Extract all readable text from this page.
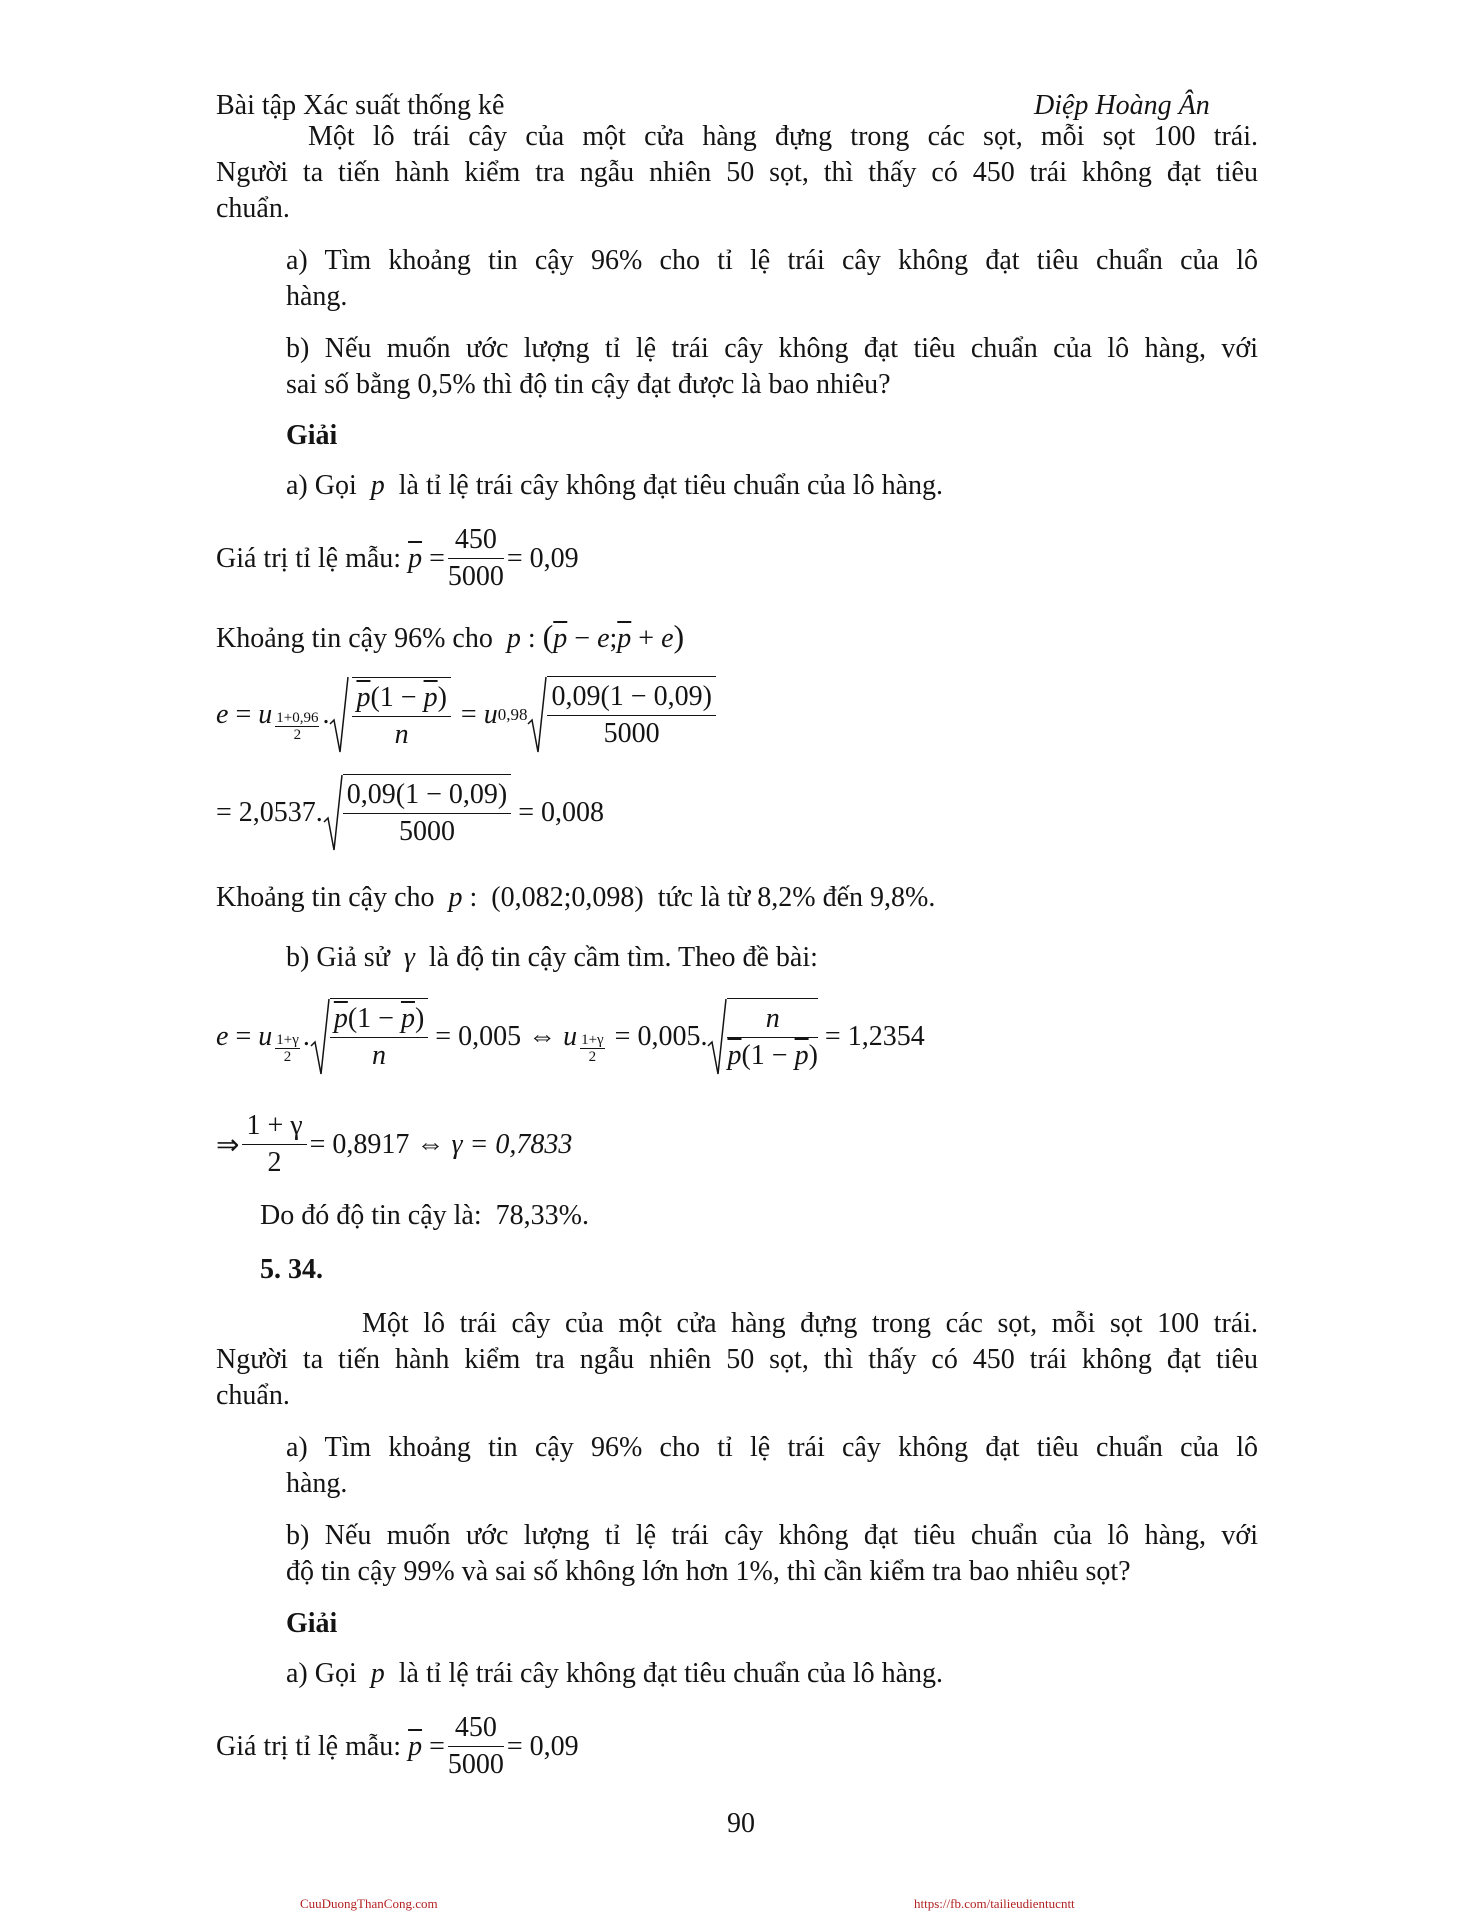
Bài tập Xác suất thống kê	Diệp Hoàng Ân
Một lô trái cây của một cửa hàng đựng trong các sọt, mỗi sọt 100 trái.
Người ta tiến hành kiểm tra ngẫu nhiên 50 sọt, thì thấy có 450 trái không đạt tiêu
chuẩn.
a) Tìm khoảng tin cậy 96% cho tỉ lệ trái cây không đạt tiêu chuẩn của lô
hàng.
b) Nếu muốn ước lượng tỉ lệ trái cây không đạt tiêu chuẩn của lô hàng, với
sai số bằng 0,5% thì độ tin cậy đạt được là bao nhiêu?
Giải
a) Gọi p là tỉ lệ trái cây không đạt tiêu chuẩn của lô hàng.
Giá trị tỉ lệ mẫu:
$\overline{p} = \frac{450}{5000} = 0,09$
Khoảng tin cậy 96% cho p : ($\overline{p}$ − $e;\overline{p} + e$)
e = u $\frac{1+0,96}{2}$ . $\frac{\overline{p}(1 - \overline{p})}{n} = u$ $0,98 \frac{0,09(1 - 0,09)}{5000}$
= 2,0537. $\frac{0,09(1 - 0,09)}{5000}$
= 0,008
Khoảng tin cậy cho p :  (0,082;0,098) tức là từ 8,2% đến 9,8%.
b) Giả sử γ là độ tin cậy cầm tìm. Theo đề bài:
e = u $\frac{1+\gamma}{2}$ . $\frac{\overline{p}(1 - \overline{p})}{n}$
= 0,005 ⇔
u $\frac{1+\gamma}{2}$
= 0,005. $\frac{n}{\overline{p}(1 - \overline{p})}$
= 1,2354
⇒ $\frac{1 + \gamma}{2} = 0,8917$ ⇔
γ = 0,7833
Do đó độ tin cậy là: 78,33%.
5. 34.
Một lô trái cây của một cửa hàng đựng trong các sọt, mỗi sọt 100 trái.
Người ta tiến hành kiểm tra ngẫu nhiên 50 sọt, thì thấy có 450 trái không đạt tiêu
chuẩn.
a) Tìm khoảng tin cậy 96% cho tỉ lệ trái cây không đạt tiêu chuẩn của lô
hàng.
b) Nếu muốn ước lượng tỉ lệ trái cây không đạt tiêu chuẩn của lô hàng, với
độ tin cậy 99% và sai số không lớn hơn 1%, thì cần kiểm tra bao nhiêu sọt?
Giải
a) Gọi p là tỉ lệ trái cây không đạt tiêu chuẩn của lô hàng.
Giá trị tỉ lệ mẫu:
$\overline{p} = \frac{450}{5000} = 0,09$
90
CuuDuongThanCong.com	https://fb.com/tailieudientucntt
